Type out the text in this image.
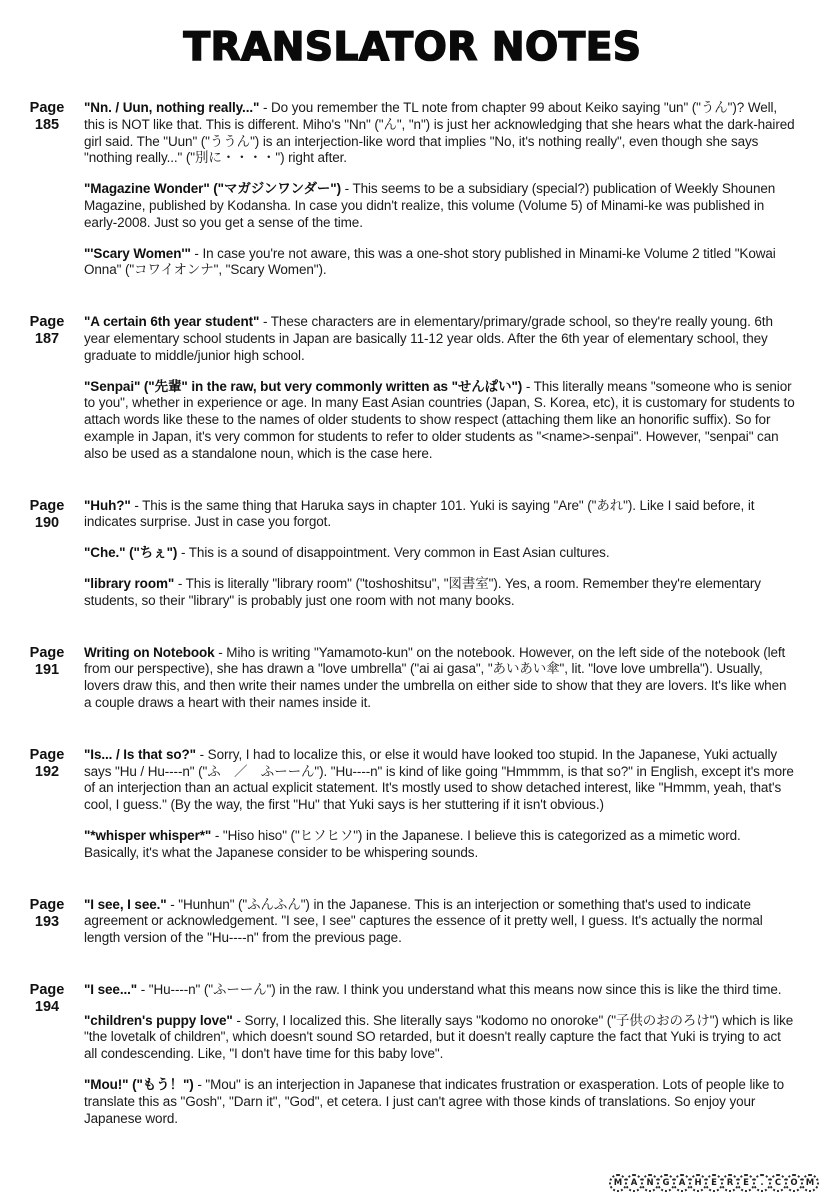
TRANSLATOR NOTES
Page
185

"Nn. / Uun, nothing really..." - Do you remember the TL note from chapter 99 about Keiko saying "un" ("うん")? Well, this is NOT like that. This is different. Miho's "Nn" ("ん", "n") is just her acknowledging that she hears what the dark-haired girl said. The "Uun" ("ううん") is an interjection-like word that implies "No, it's nothing really", even though she says "nothing really..." ("別に・・・・") right after.

"Magazine Wonder" ("マガジンワンダー") - This seems to be a subsidiary (special?) publication of Weekly Shounen Magazine, published by Kodansha. In case you didn't realize, this volume (Volume 5) of Minami-ke was published in early-2008. Just so you get a sense of the time.

"'Scary Women'" - In case you're not aware, this was a one-shot story published in Minami-ke Volume 2 titled "Kowai Onna" ("コワイオンナ", "Scary Women").

Page
187

"A certain 6th year student" - These characters are in elementary/primary/grade school, so they're really young. 6th year elementary school students in Japan are basically 11-12 year olds. After the 6th year of elementary school, they graduate to middle/junior high school.

"Senpai" ("先輩" in the raw, but very commonly written as "せんぱい") - This literally means "someone who is senior to you", whether in experience or age. In many East Asian countries (Japan, S. Korea, etc), it is customary for students to attach words like these to the names of older students to show respect (attaching them like an honorific suffix). So for example in Japan, it's very common for students to refer to older students as "<name>-senpai". However, "senpai" can also be used as a standalone noun, which is the case here.

Page
190

"Huh?" - This is the same thing that Haruka says in chapter 101. Yuki is saying "Are" ("あれ"). Like I said before, it indicates surprise. Just in case you forgot.

"Che." ("ちぇ") - This is a sound of disappointment. Very common in East Asian cultures.

"library room" - This is literally "library room" ("toshoshitsu", "図書室"). Yes, a room. Remember they're elementary students, so their "library" is probably just one room with not many books.

Page
191

Writing on Notebook - Miho is writing "Yamamoto-kun" on the notebook. However, on the left side of the notebook (left from our perspective), she has drawn a "love umbrella" ("ai ai gasa", "あいあい傘", lit. "love love umbrella"). Usually, lovers draw this, and then write their names under the umbrella on either side to show that they are lovers. It's like when a couple draws a heart with their names inside it.

Page
192

"Is... / Is that so?" - Sorry, I had to localize this, or else it would have looked too stupid. In the Japanese, Yuki actually says "Hu / Hu----n" ("ふ　／　ふーーん"). "Hu----n" is kind of like going "Hmmmm, is that so?" in English, except it's more of an interjection than an actual explicit statement. It's mostly used to show detached interest, like "Hmmm, yeah, that's cool, I guess." (By the way, the first "Hu" that Yuki says is her stuttering if it isn't obvious.)

"*whisper whisper*" - "Hiso hiso" ("ヒソヒソ") in the Japanese. I believe this is categorized as a mimetic word. Basically, it's what the Japanese consider to be whispering sounds.

Page
193

"I see, I see." - "Hunhun" ("ふんふん") in the Japanese. This is an interjection or something that's used to indicate agreement or acknowledgement. "I see, I see" captures the essence of it pretty well, I guess. It's actually the normal length version of the "Hu----n" from the previous page.

Page
194

"I see..." - "Hu----n" ("ふーーん") in the raw. I think you understand what this means now since this is like the third time.

"children's puppy love" - Sorry, I localized this. She literally says "kodomo no onoroke" ("子供のおのろけ") which is like "the lovetalk of children", which doesn't sound SO retarded, but it doesn't really capture the fact that Yuki is trying to act all condescending. Like, "I don't have time for this baby love".

"Mou!" ("もう！") - "Mou" is an interjection in Japanese that indicates frustration or exasperation. Lots of people like to translate this as "Gosh", "Darn it", "God", et cetera. I just can't agree with those kinds of translations. So enjoy your Japanese word.

M A N G A H E R E . C O M
